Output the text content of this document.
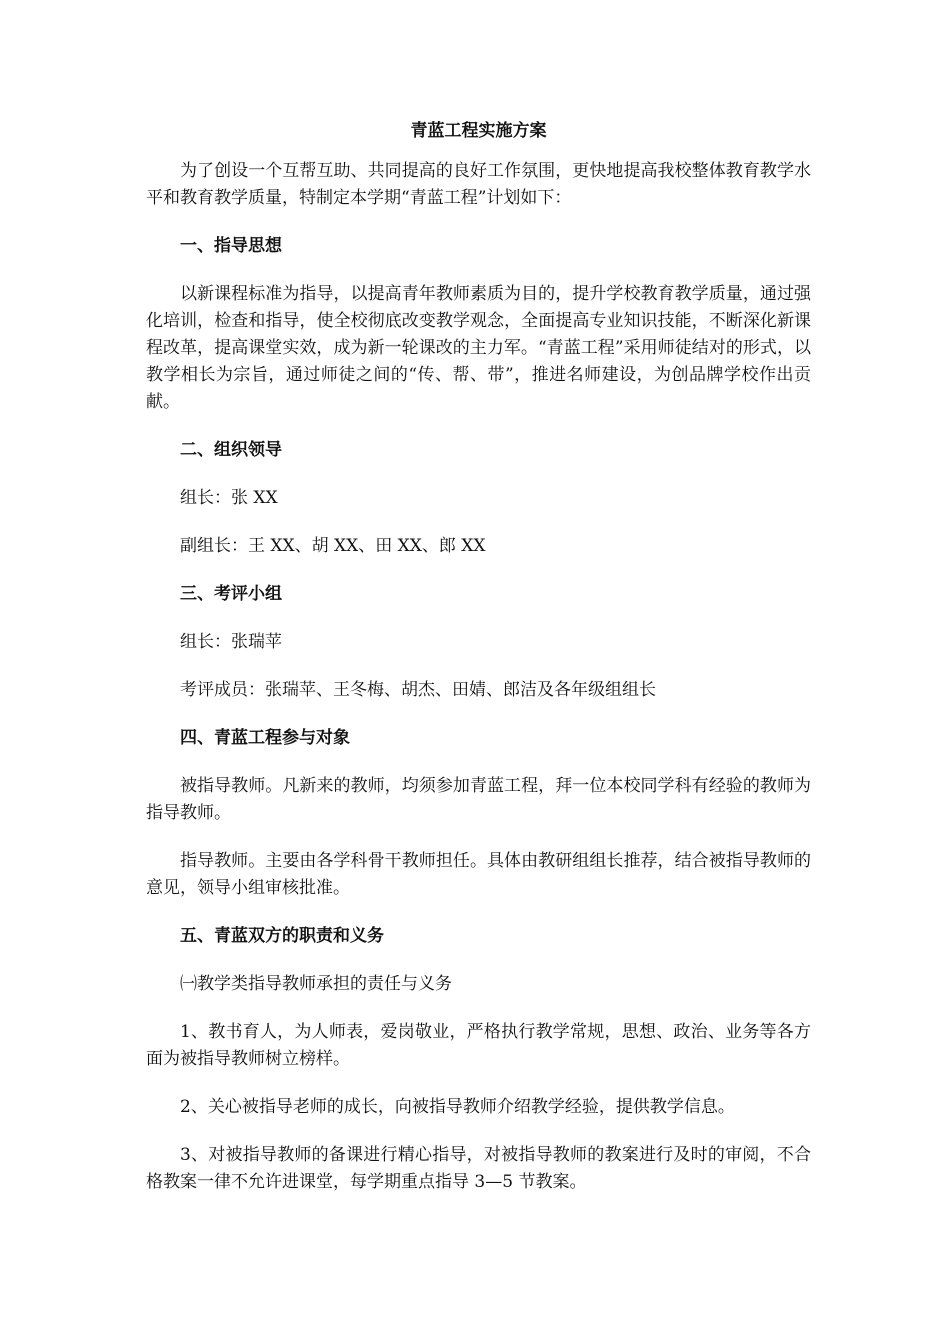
青蓝工程实施方案
为了创设一个互帮互助、共同提高的良好工作氛围，更快地提高我校整体教育教学水平和教育教学质量，特制定本学期“青蓝工程”计划如下：
一、指导思想
以新课程标准为指导，以提高青年教师素质为目的，提升学校教育教学质量，通过强化培训，检查和指导，使全校彻底改变教学观念，全面提高专业知识技能，不断深化新课程改革，提高课堂实效，成为新一轮课改的主力军。“青蓝工程”采用师徒结对的形式，以教学相长为宗旨，通过师徒之间的“传、帮、带”，推进名师建设，为创品牌学校作出贡献。
二、组织领导
组长：张 XX
副组长：王 XX、胡 XX、田 XX、郎 XX
三、考评小组
组长：张瑞苹
考评成员：张瑞苹、王冬梅、胡杰、田婧、郎洁及各年级组组长
四、青蓝工程参与对象
被指导教师。凡新来的教师，均须参加青蓝工程，拜一位本校同学科有经验的教师为指导教师。
指导教师。主要由各学科骨干教师担任。具体由教研组组长推荐，结合被指导教师的意见，领导小组审核批准。
五、青蓝双方的职责和义务
㈠教学类指导教师承担的责任与义务
1、教书育人，为人师表，爱岗敬业，严格执行教学常规，思想、政治、业务等各方面为被指导教师树立榜样。
2、关心被指导老师的成长，向被指导教师介绍教学经验，提供教学信息。
3、对被指导教师的备课进行精心指导，对被指导教师的教案进行及时的审阅，不合格教案一律不允许进课堂，每学期重点指导 3—5 节教案。
